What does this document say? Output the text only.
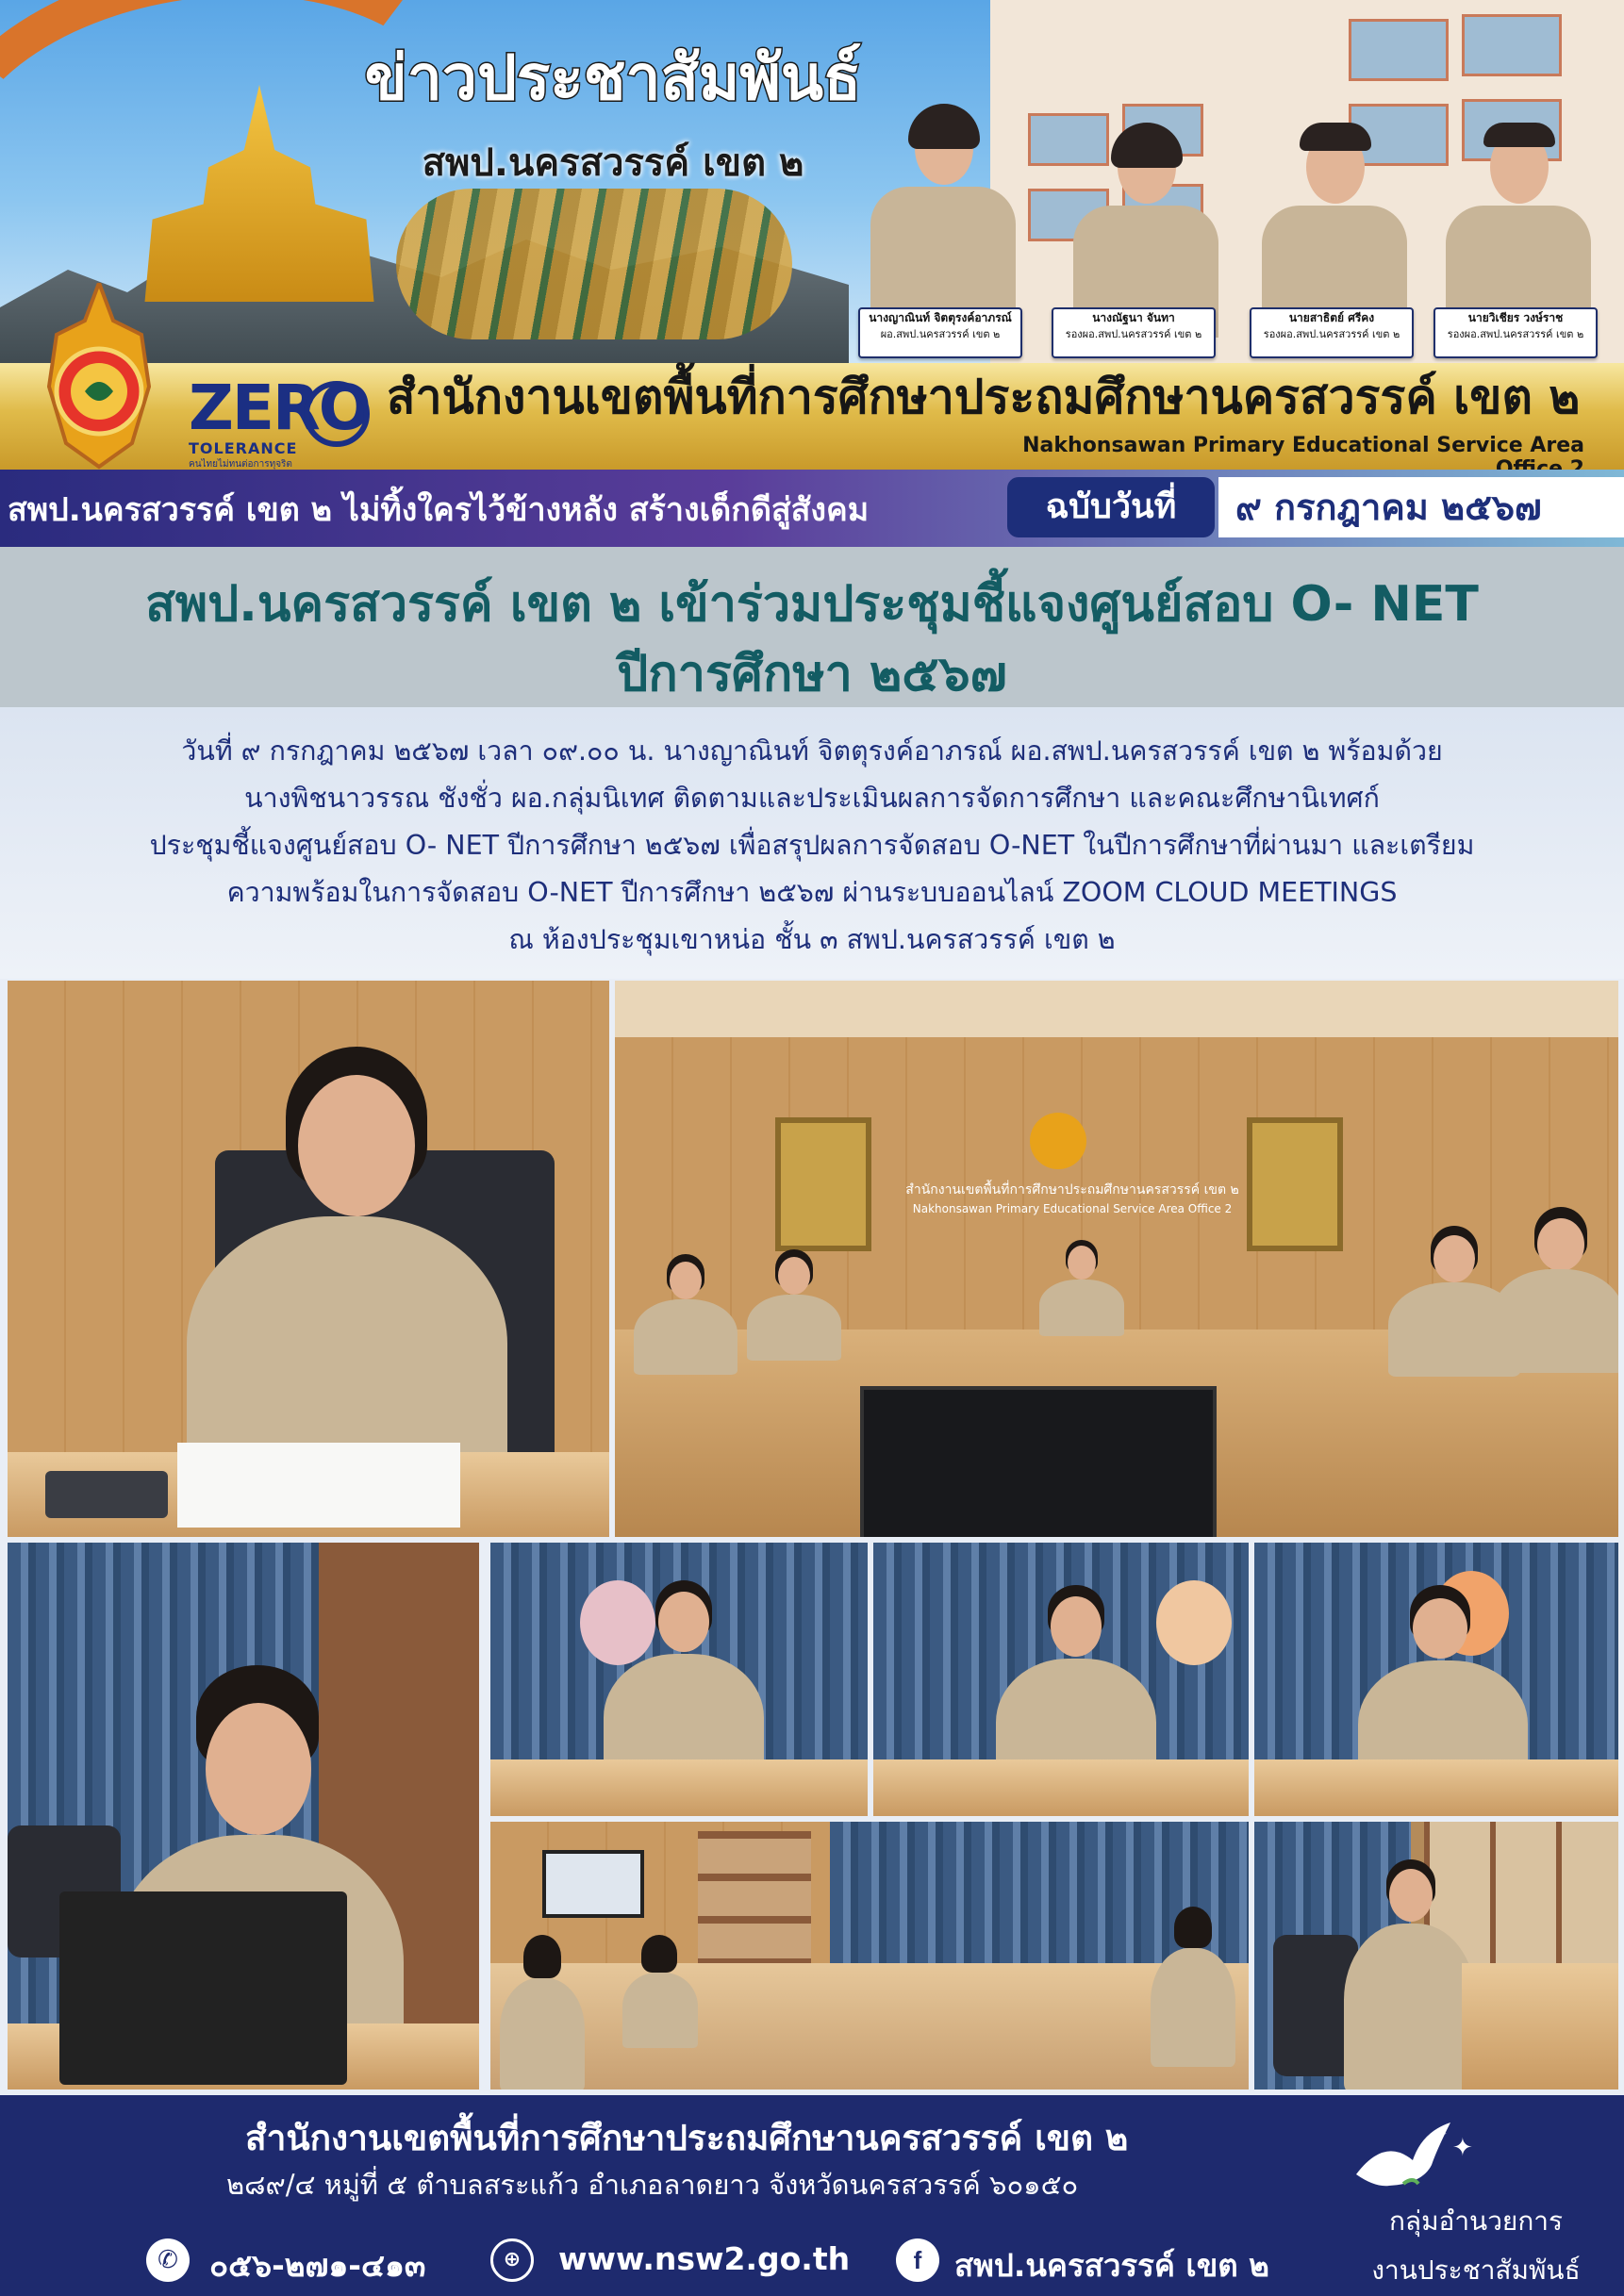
ข่าวประชาสัมพันธ์
สพป.นครสวรรค์ เขต ๒
นางญาณินท์ จิตตุรงค์อาภรณ์
ผอ.สพป.นครสวรรค์ เขต ๒
นางณัฐนา จันทา
รองผอ.สพป.นครสวรรค์ เขต ๒
นายสาธิตย์ ศรีคง
รองผอ.สพป.นครสวรรค์ เขต ๒
นายวิเชียร วงษ์ราช
รองผอ.สพป.นครสวรรค์ เขต ๒
ZERO
TOLERANCE
คนไทยไม่ทนต่อการทุจริต
สำนักงานเขตพื้นที่การศึกษาประถมศึกษานครสวรรค์ เขต ๒
Nakhonsawan Primary Educational Service Area
สพป.นครสวรรค์ เขต ๒ ไม่ทิ้งใครไว้ข้างหลัง สร้างเด็กดีสู่สังคม	ฉบับวันที่	๙ กรกฎาคม ๒๕๖๗
สพป.นครสวรรค์ เขต ๒ เข้าร่วมประชุมชี้แจงศูนย์สอบ O- NET
ปีการศึกษา ๒๕๖๗
วันที่ ๙ กรกฎาคม ๒๕๖๗ เวลา ๐๙.๐๐ น. นางญาณินท์ จิตตุรงค์อาภรณ์ ผอ.สพป.นครสวรรค์ เขต ๒ พร้อมด้วย
นางพิชนาวรรณ ชังชั่ว ผอ.กลุ่มนิเทศ ติดตามและประเมินผลการจัดการศึกษา และคณะศึกษานิเทศก์
ประชุมชี้แจงศูนย์สอบ O- NET ปีการศึกษา ๒๕๖๗ เพื่อสรุปผลการจัดสอบ O-NET ในปีการศึกษาที่ผ่านมา และเตรียม
ความพร้อมในการจัดสอบ O-NET ปีการศึกษา ๒๕๖๗ ผ่านระบบออนไลน์ ZOOM CLOUD MEETINGS
ณ ห้องประชุมเขาหน่อ ชั้น ๓ สพป.นครสวรรค์ เขต ๒
สำนักงานเขตพื้นที่การศึกษาประถมศึกษานครสวรรค์ เขต ๒
Nakhonsawan Primary Educational Service Area Office 2
สำนักงานเขตพื้นที่การศึกษาประถมศึกษานครสวรรค์ เขต ๒
๒๘๙/๔ หมู่ที่ ๕ ตำบลสระแก้ว อำเภอลาดยาว จังหวัดนครสวรรค์ ๖๐๑๕๐
✆	๐๕๖-๒๗๑-๔๑๓	⊕	www.nsw2.go.th	f	สพป.นครสวรรค์ เขต ๒
✦
✦
กลุ่มอำนวยการ
งานประชาสัมพันธ์
